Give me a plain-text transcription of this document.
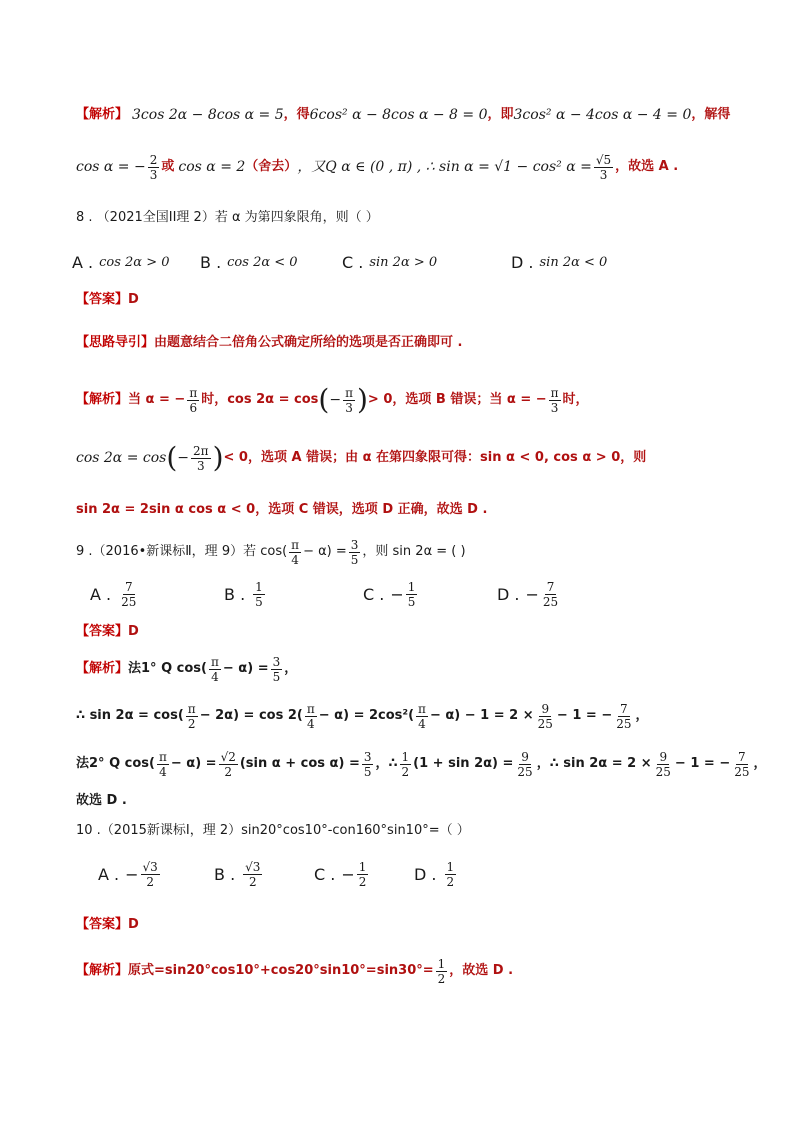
【解析】 3cos 2α − 8cos α = 5 ，得 6cos² α − 8cos α − 8 = 0 ，即 3cos² α − 4cos α − 4 = 0 ，解得
cos α = − $\frac{2}{3}$ 或 cos α = 2 （舍去） ，又Q α ∈ (0 , π) , ∴ sin α = √1 − cos² $\alpha = \frac{√5}{3}$ ，故选 A .
8 . （2021全国II理 2）若 α 为第四象限角，则（ ）
A . cos 2α > 0 B . cos 2α < 0	C . sin 2α > 0	D . sin 2α < 0
【答案】 D
【思路导引】 由题意结合二倍角公式确定所给的选项是否正确即可 .
【解析】 当 α = − $\frac{\pi}{6}$ 时，cos 2α = cos ( − $\frac{\pi}{3}$ ) > 0，选项 B 错误；当 α = − $\frac{\pi}{3}$ 时，
cos 2α = cos ( − $\frac{2\pi}{3}$ ) < 0，选项 A 错误；由 α 在第四象限可得：sin α < 0, cos α > 0，则
sin 2α = 2sin α cos α < 0，选项 C 错误，选项 D 正确，故选 D .
9 .（2016•新课标Ⅱ，理 9）若 $\cos( \frac{\pi}{4} - \alpha) = \frac{3}{5}$ ，则 sin 2α = ( )
A . $\frac{7}{25}$	B . $\frac{1}{5}$	C . − $\frac{1}{5}$	D . − $\frac{7}{25}$
【答案】 D
【解析】 法1° Q $\cos( \frac{\pi}{4} - \alpha) = \frac{3}{5}$ ，
∴ $\sin 2\alpha = \cos( \frac{\pi}{2} - 2\alpha) = \cos 2( \frac{\pi}{4} - \alpha) = 2\cos^2( \frac{\pi}{4} - \alpha) - 1 = 2 \times \frac{9}{25} - 1$ = − $\frac{7}{25}$ ，
法2° Q $\cos( \frac{\pi}{4} - \alpha) = \frac{√2}{2} (\sin$ $\alpha + \cos \alpha) = \frac{3}{5}$ ，∴ $\frac{1}{2} (1 + \sin 2\alpha) = \frac{9}{25}$ ，∴ $\sin 2\alpha = 2 \times \frac{9}{25} - 1$ = − $\frac{7}{25}$ ，
故选 D .
10 .（2015新课标I，理 2）sin20°cos10°-con160°sin10°=（ ）
A . − $\frac{√3}{2}$	B . $\frac{√3}{2}$	C . − $\frac{1}{2}$	D . $\frac{1}{2}$
【答案】 D
【解析】 原式$=\sin 20^\circ\cos 10^\circ+\cos 20^\circ\sin 10^\circ=\sin 30^\circ= \frac{1}{2}$ ，故选 D .
